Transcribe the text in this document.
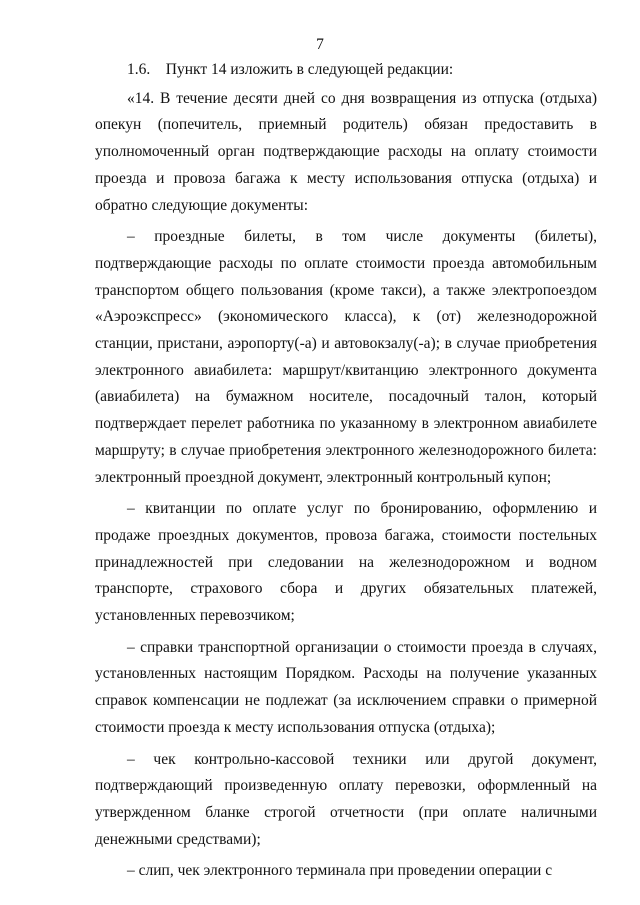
7

1.6. Пункт 14 изложить в следующей редакции:

«14. В течение десяти дней со дня возвращения из отпуска (отдыха) опекун (попечитель, приемный родитель) обязан предоставить в уполномоченный орган подтверждающие расходы на оплату стоимости проезда и провоза багажа к месту использования отпуска (отдыха) и обратно следующие документы:

– проездные билеты, в том числе документы (билеты), подтверждающие расходы по оплате стоимости проезда автомобильным транспортом общего пользования (кроме такси), а также электропоездом «Аэроэкспресс» (экономического класса), к (от) железнодорожной станции, пристани, аэропорту(-а) и автовокзалу(-а); в случае приобретения электронного авиабилета: маршрут/квитанцию электронного документа (авиабилета) на бумажном носителе, посадочный талон, который подтверждает перелет работника по указанному в электронном авиабилете маршруту; в случае приобретения электронного железнодорожного билета: электронный проездной документ, электронный контрольный купон;

– квитанции по оплате услуг по бронированию, оформлению и продаже проездных документов, провоза багажа, стоимости постельных принадлежностей при следовании на железнодорожном и водном транспорте, страхового сбора и других обязательных платежей, установленных перевозчиком;

– справки транспортной организации о стоимости проезда в случаях, установленных настоящим Порядком. Расходы на получение указанных справок компенсации не подлежат (за исключением справки о примерной стоимости проезда к месту использования отпуска (отдыха);

– чек контрольно-кассовой техники или другой документ, подтверждающий произведенную оплату перевозки, оформленный на утвержденном бланке строгой отчетности (при оплате наличными денежными средствами);

– слип, чек электронного терминала при проведении операции с
